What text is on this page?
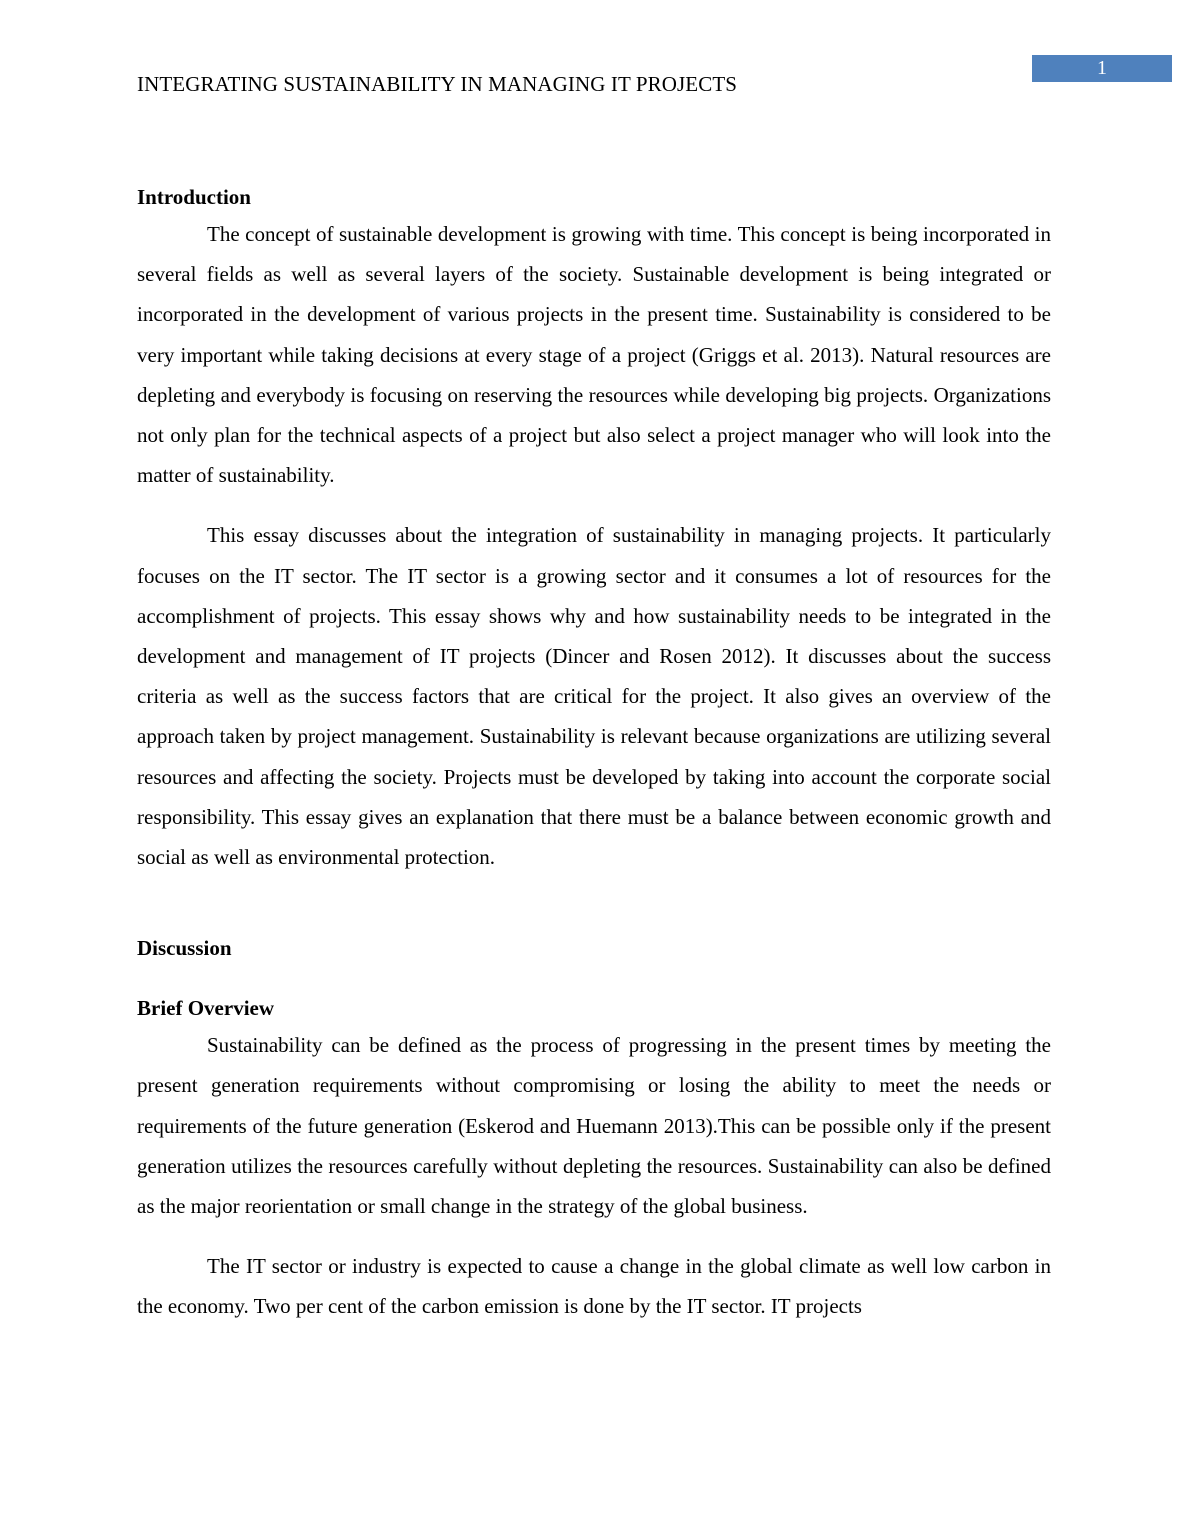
1
INTEGRATING SUSTAINABILITY IN MANAGING IT PROJECTS
Introduction

The concept of sustainable development is growing with time. This concept is being incorporated in several fields as well as several layers of the society. Sustainable development is being integrated or incorporated in the development of various projects in the present time. Sustainability is considered to be very important while taking decisions at every stage of a project (Griggs et al. 2013). Natural resources are depleting and everybody is focusing on reserving the resources while developing big projects. Organizations not only plan for the technical aspects of a project but also select a project manager who will look into the matter of sustainability.

This essay discusses about the integration of sustainability in managing projects. It particularly focuses on the IT sector. The IT sector is a growing sector and it consumes a lot of resources for the accomplishment of projects. This essay shows why and how sustainability needs to be integrated in the development and management of IT projects (Dincer and Rosen 2012). It discusses about the success criteria as well as the success factors that are critical for the project. It also gives an overview of the approach taken by project management. Sustainability is relevant because organizations are utilizing several resources and affecting the society. Projects must be developed by taking into account the corporate social responsibility. This essay gives an explanation that there must be a balance between economic growth and social as well as environmental protection.

Discussion
Brief Overview

Sustainability can be defined as the process of progressing in the present times by meeting the present generation requirements without compromising or losing the ability to meet the needs or requirements of the future generation (Eskerod and Huemann 2013).This can be possible only if the present generation utilizes the resources carefully without depleting the resources. Sustainability can also be defined as the major reorientation or small change in the strategy of the global business.

The IT sector or industry is expected to cause a change in the global climate as well low carbon in the economy. Two per cent of the carbon emission is done by the IT sector. IT projects
